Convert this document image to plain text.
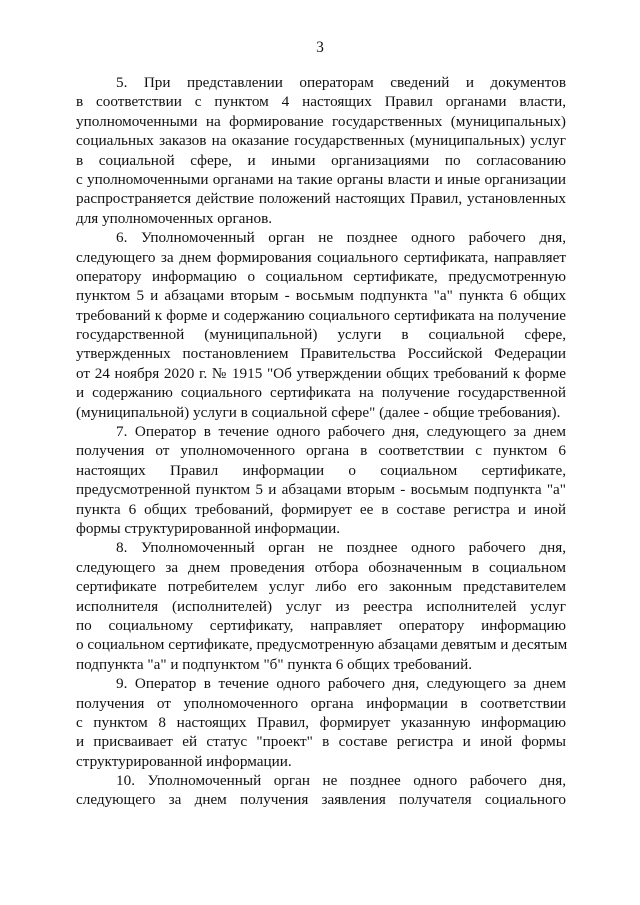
3
5. При представлении операторам сведений и документов
в соответствии с пунктом 4 настоящих Правил органами власти,
уполномоченными на формирование государственных (муниципальных)
социальных заказов на оказание государственных (муниципальных) услуг
в социальной сфере, и иными организациями по согласованию
с уполномоченными органами на такие органы власти и иные организации
распространяется действие положений настоящих Правил, установленных
для уполномоченных органов.
6. Уполномоченный орган не позднее одного рабочего дня,
следующего за днем формирования социального сертификата, направляет
оператору информацию о социальном сертификате, предусмотренную
пунктом 5 и абзацами вторым - восьмым подпункта "а" пункта 6 общих
требований к форме и содержанию социального сертификата на получение
государственной (муниципальной) услуги в социальной сфере,
утвержденных постановлением Правительства Российской Федерации
от 24 ноября 2020 г. № 1915 "Об утверждении общих требований к форме
и содержанию социального сертификата на получение государственной
(муниципальной) услуги в социальной сфере" (далее - общие требования).
7. Оператор в течение одного рабочего дня, следующего за днем
получения от уполномоченного органа в соответствии с пунктом 6
настоящих Правил информации о социальном сертификате,
предусмотренной пунктом 5 и абзацами вторым - восьмым подпункта "а"
пункта 6 общих требований, формирует ее в составе регистра и иной
формы структурированной информации.
8. Уполномоченный орган не позднее одного рабочего дня,
следующего за днем проведения отбора обозначенным в социальном
сертификате потребителем услуг либо его законным представителем
исполнителя (исполнителей) услуг из реестра исполнителей услуг
по социальному сертификату, направляет оператору информацию
о социальном сертификате, предусмотренную абзацами девятым и десятым
подпункта "а" и подпунктом "б" пункта 6 общих требований.
9. Оператор в течение одного рабочего дня, следующего за днем
получения от уполномоченного органа информации в соответствии
с пунктом 8 настоящих Правил, формирует указанную информацию
и присваивает ей статус "проект" в составе регистра и иной формы
структурированной информации.
10. Уполномоченный орган не позднее одного рабочего дня,
следующего за днем получения заявления получателя социального
